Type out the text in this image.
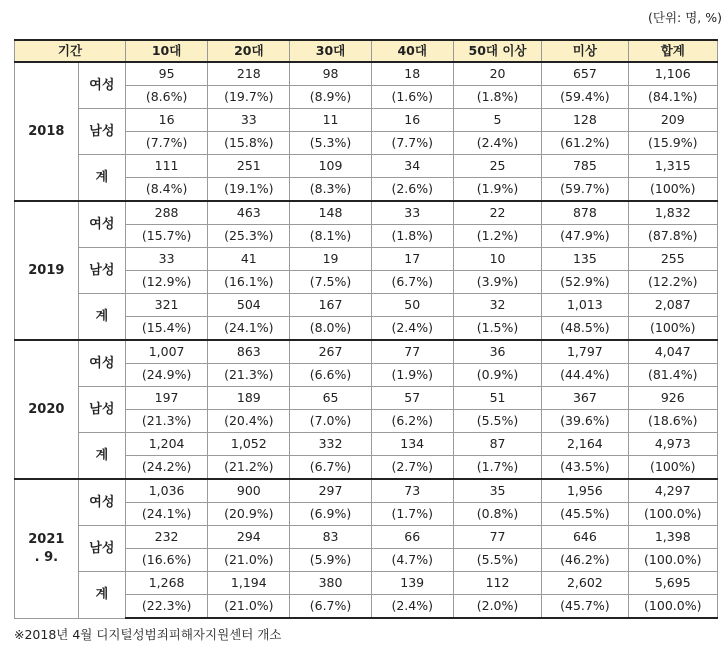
(단위: 명, %)
기간		10대	20대	30대	40대	50대 이상	미상	합계
2018	여성	95	218	98	18	20	657	1,106
		(8.6%)	(19.7%)	(8.9%)	(1.6%)	(1.8%)	(59.4%)	(84.1%)
	남성	16	33	11	16	5	128	209
		(7.7%)	(15.8%)	(5.3%)	(7.7%)	(2.4%)	(61.2%)	(15.9%)
	계	111	251	109	34	25	785	1,315
		(8.4%)	(19.1%)	(8.3%)	(2.6%)	(1.9%)	(59.7%)	(100%)
2019	여성	288	463	148	33	22	878	1,832
		(15.7%)	(25.3%)	(8.1%)	(1.8%)	(1.2%)	(47.9%)	(87.8%)
	남성	33	41	19	17	10	135	255
		(12.9%)	(16.1%)	(7.5%)	(6.7%)	(3.9%)	(52.9%)	(12.2%)
	계	321	504	167	50	32	1,013	2,087
		(15.4%)	(24.1%)	(8.0%)	(2.4%)	(1.5%)	(48.5%)	(100%)
2020	여성	1,007	863	267	77	36	1,797	4,047
		(24.9%)	(21.3%)	(6.6%)	(1.9%)	(0.9%)	(44.4%)	(81.4%)
	남성	197	189	65	57	51	367	926
		(21.3%)	(20.4%)	(7.0%)	(6.2%)	(5.5%)	(39.6%)	(18.6%)
	계	1,204	1,052	332	134	87	2,164	4,973
		(24.2%)	(21.2%)	(6.7%)	(2.7%)	(1.7%)	(43.5%)	(100%)
2021
. 9.	여성	1,036	900	297	73	35	1,956	4,297
		(24.1%)	(20.9%)	(6.9%)	(1.7%)	(0.8%)	(45.5%)	(100.0%)
	남성	232	294	83	66	77	646	1,398
		(16.6%)	(21.0%)	(5.9%)	(4.7%)	(5.5%)	(46.2%)	(100.0%)
	계	1,268	1,194	380	139	112	2,602	5,695
		(22.3%)	(21.0%)	(6.7%)	(2.4%)	(2.0%)	(45.7%)	(100.0%)
※2018년 4월 디지털성범죄피해자지원센터 개소
